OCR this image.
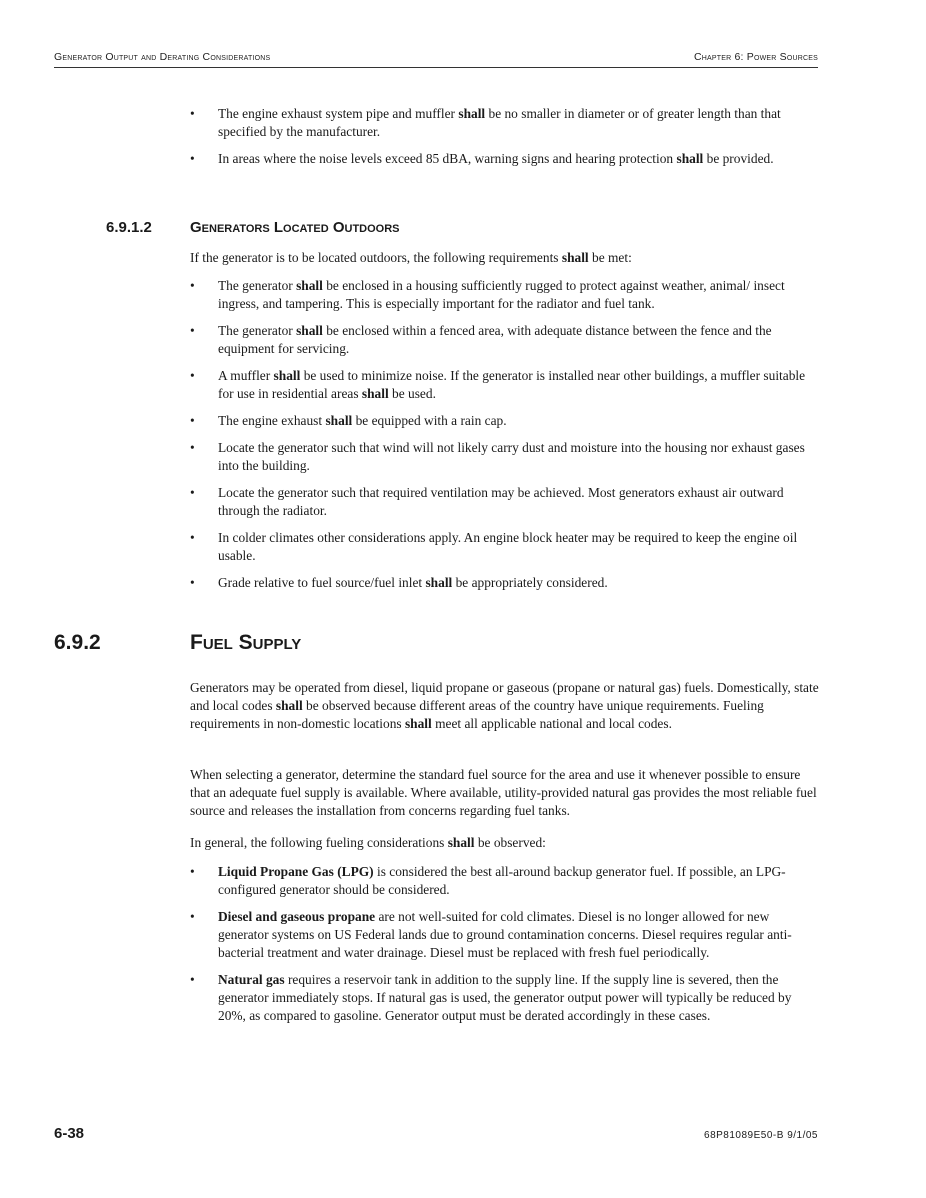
Generator Output and Derating Considerations	Chapter 6: Power Sources
• The engine exhaust system pipe and muffler shall be no smaller in diameter or of greater length than that specified by the manufacturer.
• In areas where the noise levels exceed 85 dBA, warning signs and hearing protection shall be provided.
6.9.1.2	Generators Located Outdoors

If the generator is to be located outdoors, the following requirements shall be met:

• The generator shall be enclosed in a housing sufficiently rugged to protect against weather, animal/ insect ingress, and tampering. This is especially important for the radiator and fuel tank.
• The generator shall be enclosed within a fenced area, with adequate distance between the fence and the equipment for servicing.
• A muffler shall be used to minimize noise. If the generator is installed near other buildings, a muffler suitable for use in residential areas shall be used.
• The engine exhaust shall be equipped with a rain cap.
• Locate the generator such that wind will not likely carry dust and moisture into the housing nor exhaust gases into the building.
• Locate the generator such that required ventilation may be achieved. Most generators exhaust air outward through the radiator.
• In colder climates other considerations apply. An engine block heater may be required to keep the engine oil usable.
• Grade relative to fuel source/fuel inlet shall be appropriately considered.
6.9.2	Fuel Supply

Generators may be operated from diesel, liquid propane or gaseous (propane or natural gas) fuels. Domestically, state and local codes shall be observed because different areas of the country have unique requirements. Fueling requirements in non-domestic locations shall meet all applicable national and local codes.

When selecting a generator, determine the standard fuel source for the area and use it whenever possible to ensure that an adequate fuel supply is available. Where available, utility-provided natural gas provides the most reliable fuel source and releases the installation from concerns regarding fuel tanks.

In general, the following fueling considerations shall be observed:

• Liquid Propane Gas (LPG) is considered the best all-around backup generator fuel. If possible, an LPG-configured generator should be considered.
• Diesel and gaseous propane are not well-suited for cold climates. Diesel is no longer allowed for new generator systems on US Federal lands due to ground contamination concerns. Diesel requires regular anti-bacterial treatment and water drainage. Diesel must be replaced with fresh fuel periodically.
• Natural gas requires a reservoir tank in addition to the supply line. If the supply line is severed, then the generator immediately stops. If natural gas is used, the generator output power will typically be reduced by 20%, as compared to gasoline. Generator output must be derated accordingly in these cases.
6-38	68P81089E50-B 9/1/05
